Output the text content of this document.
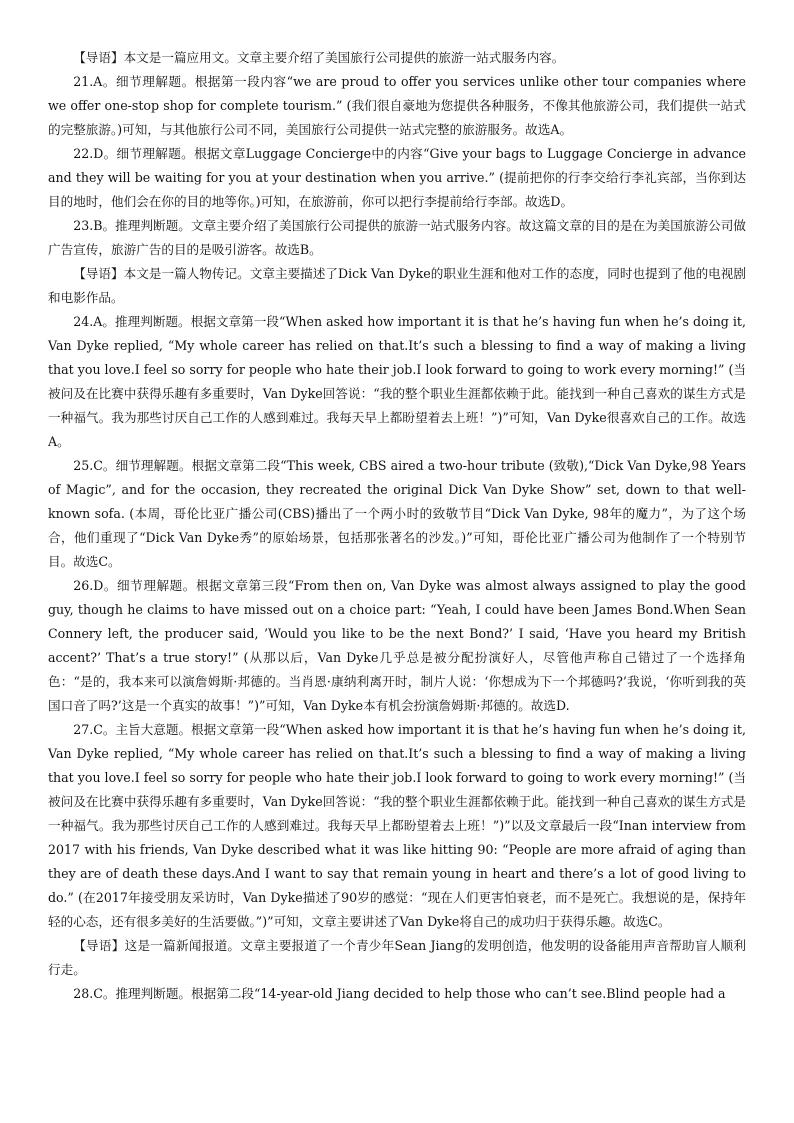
【导语】本文是一篇应用文。文章主要介绍了美国旅行公司提供的旅游一站式服务内容。

21.A。细节理解题。根据第一段内容“we are proud to offer you services unlike other tour companies where we offer one-stop shop for complete tourism.” (我们很自豪地为您提供各种服务，不像其他旅游公司，我们提供一站式的完整旅游。)可知，与其他旅行公司不同，美国旅行公司提供一站式完整的旅游服务。故选A。

22.D。细节理解题。根据文章Luggage Concierge中的内容“Give your bags to Luggage Concierge in advance and they will be waiting for you at your destination when you arrive.” (提前把你的行李交给行李礼宾部，当你到达目的地时，他们会在你的目的地等你。)可知，在旅游前，你可以把行李提前给行李部。故选D。

23.B。推理判断题。文章主要介绍了美国旅行公司提供的旅游一站式服务内容。故这篇文章的目的是在为美国旅游公司做广告宣传，旅游广告的目的是吸引游客。故选B。

【导语】本文是一篇人物传记。文章主要描述了Dick Van Dyke的职业生涯和他对工作的态度，同时也提到了他的电视剧和电影作品。

24.A。推理判断题。根据文章第一段“When asked how important it is that he’s having fun when he’s doing it, Van Dyke replied, “My whole career has relied on that.It’s such a blessing to find a way of making a living that you love.I feel so sorry for people who hate their job.I look forward to going to work every morning!” (当被问及在比赛中获得乐趣有多重要时，Van Dyke回答说：“我的整个职业生涯都依赖于此。能找到一种自己喜欢的谋生方式是一种福气。我为那些讨厌自己工作的人感到难过。我每天早上都盼望着去上班！”)”可知，Van Dyke很喜欢自己的工作。故选A。

25.C。细节理解题。根据文章第二段“This week, CBS aired a two-hour tribute (致敬),“Dick Van Dyke,98 Years of Magic”, and for the occasion, they recreated the original Dick Van Dyke Show” set, down to that well-known sofa. (本周，哥伦比亚广播公司(CBS)播出了一个两小时的致敬节目“Dick Van Dyke, 98年的魔力”，为了这个场合，他们重现了“Dick Van Dyke秀”的原始场景，包括那张著名的沙发。)”可知，哥伦比亚广播公司为他制作了一个特别节目。故选C。

26.D。细节理解题。根据文章第三段“From then on, Van Dyke was almost always assigned to play the good guy, though he claims to have missed out on a choice part: “Yeah, I could have been James Bond.When Sean Connery left, the producer said, ’Would you like to be the next Bond?’ I said, ‘Have you heard my British accent?’ That’s a true story!” (从那以后，Van Dyke几乎总是被分配扮演好人，尽管他声称自己错过了一个选择角色：“是的，我本来可以演詹姆斯·邦德的。当肖恩·康纳利离开时，制片人说：‘你想成为下一个邦德吗?’我说，‘你听到我的英国口音了吗?’这是一个真实的故事！”)”可知，Van Dyke本有机会扮演詹姆斯·邦德的。故选D.

27.C。主旨大意题。根据文章第一段“When asked how important it is that he’s having fun when he’s doing it, Van Dyke replied, “My whole career has relied on that.It’s such a blessing to find a way of making a living that you love.I feel so sorry for people who hate their job.I look forward to going to work every morning!” (当被问及在比赛中获得乐趣有多重要时，Van Dyke回答说：“我的整个职业生涯都依赖于此。能找到一种自己喜欢的谋生方式是一种福气。我为那些讨厌自己工作的人感到难过。我每天早上都盼望着去上班！”)”以及文章最后一段“Inan interview from 2017 with his friends, Van Dyke described what it was like hitting 90: “People are more afraid of aging than they are of death these days.And I want to say that remain young in heart and there’s a lot of good living to do.” (在2017年接受朋友采访时，Van Dyke描述了90岁的感觉：“现在人们更害怕衰老，而不是死亡。我想说的是，保持年轻的心态，还有很多美好的生活要做。”)”可知，文章主要讲述了Van Dyke将自己的成功归于获得乐趣。故选C。

【导语】这是一篇新闻报道。文章主要报道了一个青少年Sean Jiang的发明创造，他发明的设备能用声音帮助盲人顺利行走。

28.C。推理判断题。根据第二段“14-year-old Jiang decided to help those who can’t see.Blind people had a
